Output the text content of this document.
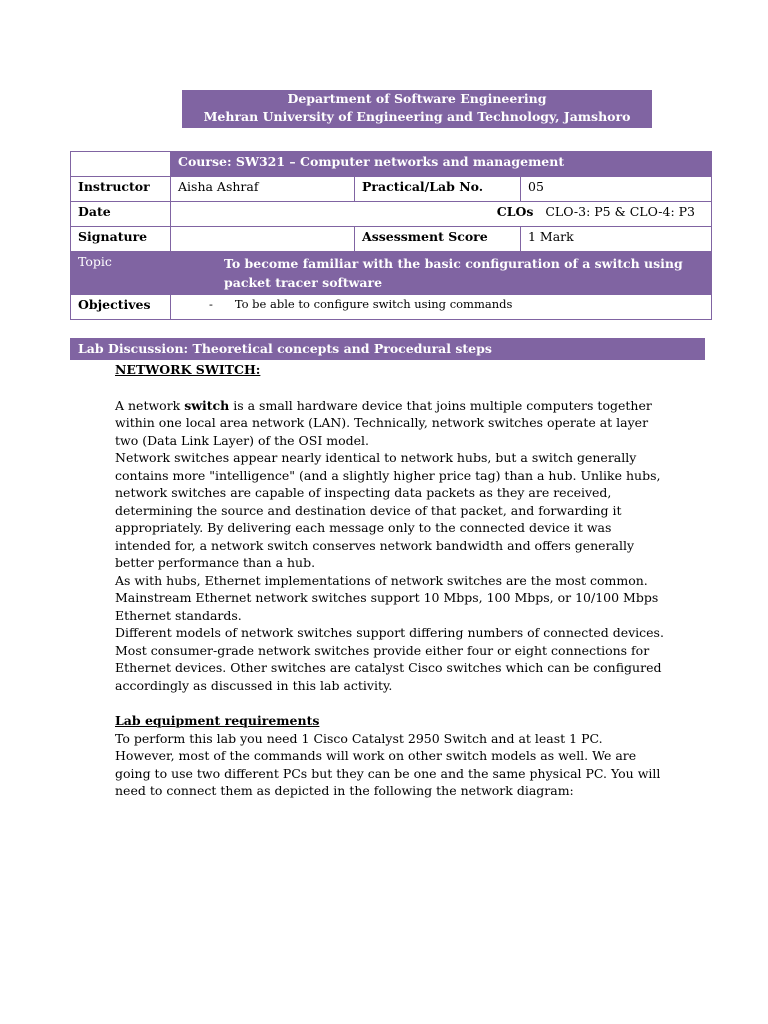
Department of Software Engineering
Mehran University of Engineering and Technology, Jamshoro
	Course: SW321 – Computer networks and management		
Instructor	Aisha Ashraf	Practical/Lab No.	05
Date	CLOs CLO-3: P5 & CLO-4: P3		
Signature		Assessment Score	1 Mark
Topic	To become familiar with the basic configuration of a switch using packet tracer software		
Objectives	- To be able to configure switch using commands		
Lab Discussion: Theoretical concepts and Procedural steps

NETWORK SWITCH:

A network switch is a small hardware device that joins multiple computers together within one local area network (LAN). Technically, network switches operate at layer two (Data Link Layer) of the OSI model.

Network switches appear nearly identical to network hubs, but a switch generally contains more "intelligence" (and a slightly higher price tag) than a hub. Unlike hubs, network switches are capable of inspecting data packets as they are received, determining the source and destination device of that packet, and forwarding it appropriately. By delivering each message only to the connected device it was intended for, a network switch conserves network bandwidth and offers generally better performance than a hub.

As with hubs, Ethernet implementations of network switches are the most common. Mainstream Ethernet network switches support 10 Mbps, 100 Mbps, or 10/100 Mbps Ethernet standards.

Different models of network switches support differing numbers of connected devices. Most consumer-grade network switches provide either four or eight connections for Ethernet devices. Other switches are catalyst Cisco switches which can be configured accordingly as discussed in this lab activity.

Lab equipment requirements

To perform this lab you need 1 Cisco Catalyst 2950 Switch and at least 1 PC. However, most of the commands will work on other switch models as well. We are going to use two different PCs but they can be one and the same physical PC. You will need to connect them as depicted in the following the network diagram:
